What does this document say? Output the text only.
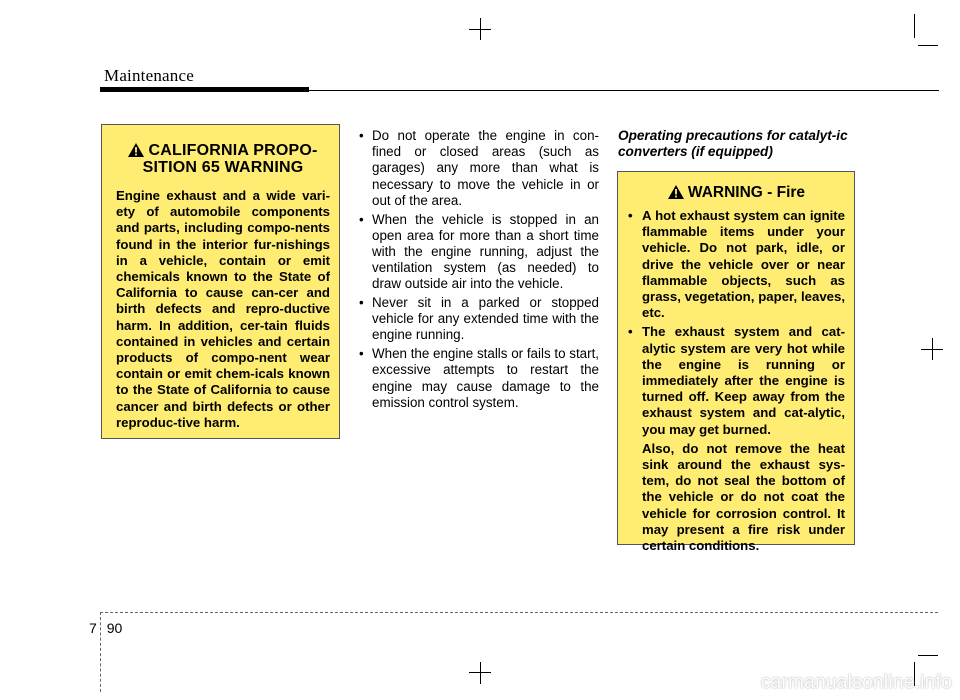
Maintenance
CALIFORNIA PROPO-
SITION 65 WARNING
Engine exhaust and a wide vari-ety of automobile components and parts, including compo-nents found in the interior fur-nishings in a vehicle, contain or emit chemicals known to the State of California to cause can-cer and birth defects and repro-ductive harm. In addition, cer-tain fluids contained in vehicles and certain products of compo-nent wear contain or emit chem-icals known to the State of California to cause cancer and birth defects or other reproduc-tive harm.
• Do not operate the engine in con-fined or closed areas (such as garages) any more than what is necessary to move the vehicle in or out of the area.
• When the vehicle is stopped in an open area for more than a short time with the engine running, adjust the ventilation system (as needed) to draw outside air into the vehicle.
• Never sit in a parked or stopped vehicle for any extended time with the engine running.
• When the engine stalls or fails to start, excessive attempts to restart the engine may cause damage to the emission control system.
Operating precautions for catalyt-ic converters (if equipped)
WARNING - Fire
• A hot exhaust system can ignite flammable items under your vehicle. Do not park, idle, or drive the vehicle over or near flammable objects, such as grass, vegetation, paper, leaves, etc.
• The exhaust system and cat-alytic system are very hot while the engine is running or immediately after the engine is turned off. Keep away from the exhaust system and cat-alytic, you may get burned.
Also, do not remove the heat sink around the exhaust sys-tem, do not seal the bottom of the vehicle or do not coat the vehicle for corrosion control. It may present a fire risk under certain conditions.
7 90
carmanualsonline.info
